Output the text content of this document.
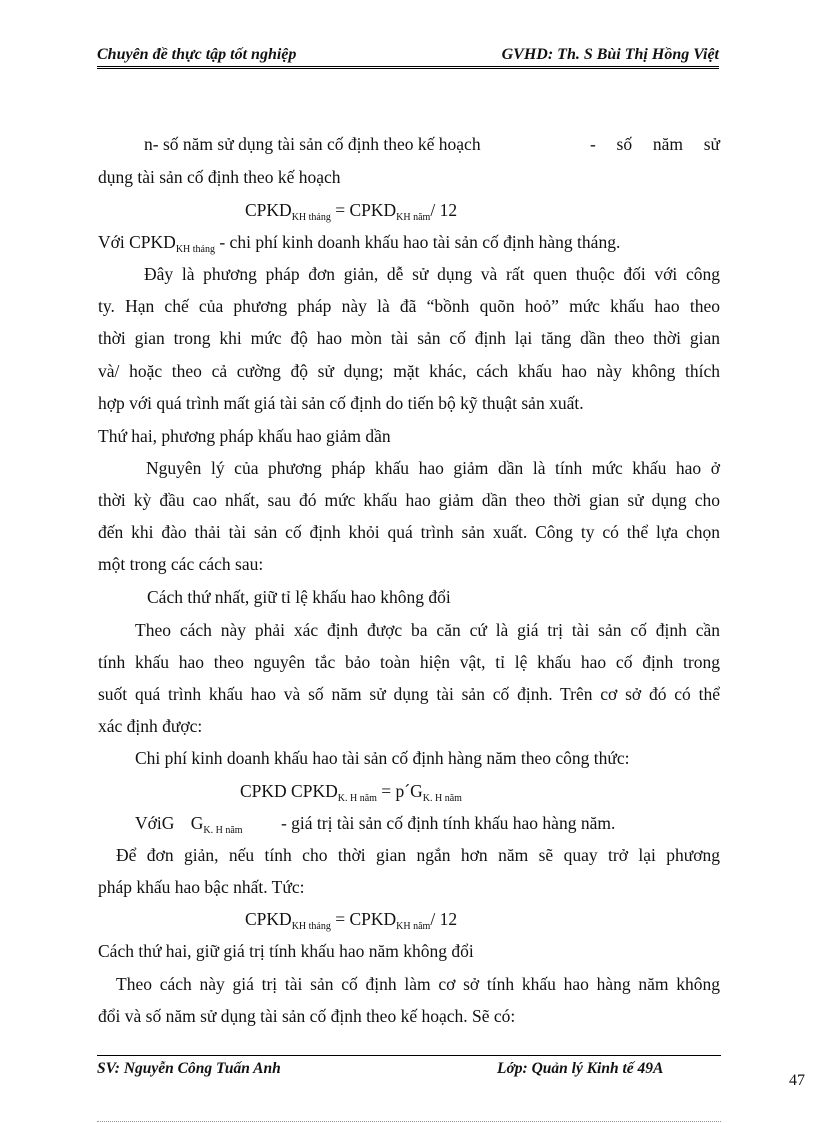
Chuyên đề thực tập tốt nghiệp	GVHD: Th. S Bùi Thị Hồng Việt
n- số năm sử dụng tài sản cố định theo kế hoạch	- số năm sử
dụng tài sản cố định theo kế hoạch
$CPKD_{KH tháng}$ = $CPKD_{KH năm}/$ 12
Với $CPKD_{KH tháng}$ - chi phí kinh doanh khấu hao tài sản cố định hàng tháng.
Đây là phương pháp đơn giản, dễ sử dụng và rất quen thuộc đối với công
ty. Hạn chế của phương pháp này là đã “bồnh quõn hoỏ” mức khấu hao theo
thời gian trong khi mức độ hao mòn tài sản cố định lại tăng dần theo thời gian
và/ hoặc theo cả cường độ sử dụng; mặt khác, cách khấu hao này không thích
hợp với quá trình mất giá tài sản cố định do tiến bộ kỹ thuật sản xuất.
Thứ hai, phương pháp khấu hao giảm dần
Nguyên lý của phương pháp khấu hao giảm dần là tính mức khấu hao ở
thời kỳ đầu cao nhất, sau đó mức khấu hao giảm dần theo thời gian sử dụng cho
đến khi đào thải tài sản cố định khỏi quá trình sản xuất. Công ty có thể lựa chọn
một trong các cách sau:
Cách thứ nhất, giữ tỉ lệ khấu hao không đổi
Theo cách này phải xác định được ba căn cứ là giá trị tài sản cố định cần
tính khấu hao theo nguyên tắc bảo toàn hiện vật, tỉ lệ khấu hao cố định trong
suốt quá trình khấu hao và số năm sử dụng tài sản cố định. Trên cơ sở đó có thể
xác định được:
Chi phí kinh doanh khấu hao tài sản cố định hàng năm theo công thức:
CPKD $CPKD_{K. H năm}$ = $p´G_{K. H năm}$
VớiG $G_{K. H năm}$ - giá trị tài sản cố định tính khấu hao hàng năm.
Để đơn giản, nếu tính cho thời gian ngắn hơn năm sẽ quay trở lại phương
pháp khấu hao bậc nhất. Tức:
$CPKD_{KH tháng}$ = $CPKD_{KH năm}/$ 12
Cách thứ hai, giữ giá trị tính khấu hao năm không đổi
Theo cách này giá trị tài sản cố định làm cơ sở tính khấu hao hàng năm không
đổi và số năm sử dụng tài sản cố định theo kế hoạch. Sẽ có:
SV: Nguyễn Công Tuấn Anh	Lớp: Quản lý Kinh tế 49A
47
